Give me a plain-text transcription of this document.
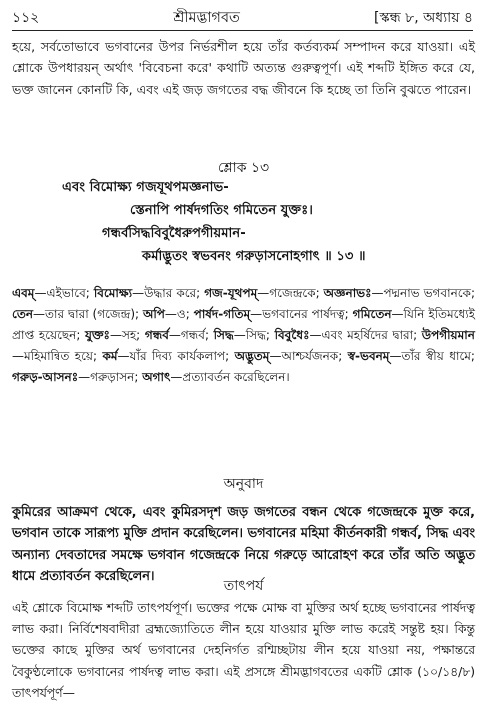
১১২	শ্রীমদ্ভাগবত	[স্কন্ধ ৮, অধ্যায় ৪

হয়ে, সর্বতোভাবে ভগবানের উপর নির্ভরশীল হয়ে তাঁর কর্তব্যকর্ম সম্পাদন করে যাওয়া। এই শ্লোকে উপধারয়ন্ অর্থাৎ 'বিবেচনা করে' কথাটি অত্যন্ত গুরুত্বপূর্ণ। এই শব্দটি ইঙ্গিত করে যে, ভক্ত জানেন কোনটি কি, এবং এই জড় জগতের বদ্ধ জীবনে কি হচ্ছে তা তিনি বুঝতে পারেন।

শ্লোক ১৩

এবং বিমোক্ষ্য গজযূথপমজ্ঞনাভ-
স্তেনাপি পার্ষদগতিং গমিতেন যুক্তঃ।
গন্ধর্বসিদ্ধবিবুধৈরুপগীয়মান-
কর্মাদ্ভুতং স্বভবনং গরুড়াসনোহগাৎ ॥ ১৩ ॥

এবম্—এইভাবে; বিমোক্ষ্য—উদ্ধার করে; গজ-যূথপম্—গজেন্দ্রকে; অজ্ঞনাভঃ—পদ্মনাভ ভগবানকে; তেন—তার দ্বারা (গজেন্দ্র); অপি—ও; পার্ষদ-গতিম্—ভগবানের পার্ষদত্ব; গমিতেন—যিনি ইতিমধ্যেই প্রাপ্ত হয়েছেন; যুক্তঃ—সহ; গন্ধর্ব—গন্ধর্ব; সিদ্ধ—সিদ্ধ; বিবুধৈঃ—এবং মহর্ষিদের দ্বারা; উপগীয়মান—মহিমান্বিত হয়ে; কর্ম—যাঁর দিব্য কার্যকলাপ; অদ্ভুতম্—আশ্চর্যজনক; স্ব-ভবনম্—তাঁর স্বীয় ধামে; গরুড়-আসনঃ—গরুড়াসন; অগাৎ—প্রত্যাবর্তন করেছিলেন।

অনুবাদ

কুমিরের আক্রমণ থেকে, এবং কুমিরসদৃশ জড় জগতের বন্ধন থেকে গজেন্দ্রকে মুক্ত করে, ভগবান তাকে সারূপ্য মুক্তি প্রদান করেছিলেন। ভগবানের মহিমা কীর্তনকারী গন্ধর্ব, সিদ্ধ এবং অন্যান্য দেবতাদের সমক্ষে ভগবান গজেন্দ্রকে নিয়ে গরুড়ে আরোহণ করে তাঁর অতি অদ্ভুত ধামে প্রত্যাবর্তন করেছিলেন।

তাৎপর্য

এই শ্লোকে বিমোক্ষ শব্দটি তাৎপর্যপূর্ণ। ভক্তের পক্ষে মোক্ষ বা মুক্তির অর্থ হচ্ছে ভগবানের পার্ষদত্ব লাভ করা। নির্বিশেষবাদীরা ব্রহ্মজ্যোতিতে লীন হয়ে যাওয়ার মুক্তি লাভ করেই সন্তুষ্ট হয়। কিন্তু ভক্তের কাছে মুক্তির অর্থ ভগবানের দেহনির্গত রশ্মিচ্ছটায় লীন হয়ে যাওয়া নয়, পক্ষান্তরে বৈকুণ্ঠলোকে ভগবানের পার্ষদত্ব লাভ করা। এই প্রসঙ্গে শ্রীমদ্ভাগবতের একটি শ্লোক (১০/১৪/৮) তাৎপর্যপূর্ণ—
